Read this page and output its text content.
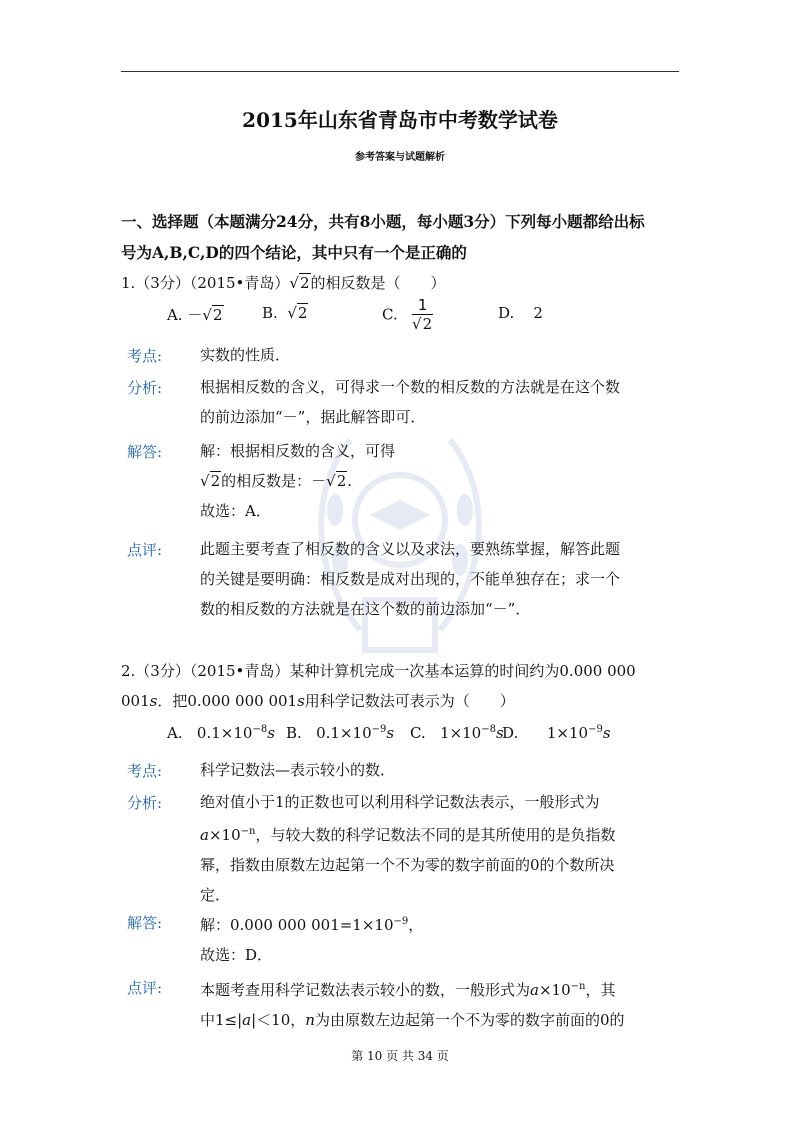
2015年山东省青岛市中考数学试卷
参考答案与试题解析
一、选择题（本题满分24分，共有8小题，每小题3分）下列每小题都给出标
号为A,B,C,D的四个结论，其中只有一个是正确的
1.（3分）（2015•青岛）√2的相反数是（　　）
A. －√2	B. √2	C. $\frac{1}{√2}$	D. 2
考点:	实数的性质．
分析:	根据相反数的含义，可得求一个数的相反数的方法就是在这个数
的前边添加“－”，据此解答即可．
解答:	解：根据相反数的含义，可得
√2的相反数是：－√2.
故选：A．
点评:	此题主要考查了相反数的含义以及求法，要熟练掌握，解答此题
的关键是要明确：相反数是成对出现的，不能单独存在；求一个
数的相反数的方法就是在这个数的前边添加“－”．
2.（3分）（2015•青岛）某种计算机完成一次基本运算的时间约为0.000 000
001s．把0.000 000 001s用科学记数法可表示为（　　）
A. $0.1\times 10^{-8}s$ B. $0.1\times 10^{-9}s$ C. $1\times 10^{-8}s$
D. $1\times 10^{-9}s$
考点:	科学记数法—表示较小的数．
分析:	绝对值小于1的正数也可以利用科学记数法表示，一般形式为
$a\times 10^{-n}$，与较大数的科学记数法不同的是其所使用的是负指数
幂，指数由原数左边起第一个不为零的数字前面的0的个数所决
定．
解答:	解：0.000 000 $001=1\times 10^{-9}$，
故选：D．
点评:	本题考查用科学记数法表示较小的数，一般形式为$a\times 10^{-n}$，其
中1≤|a|＜10，n为由原数左边起第一个不为零的数字前面的0的
第 10 页 共 34 页
